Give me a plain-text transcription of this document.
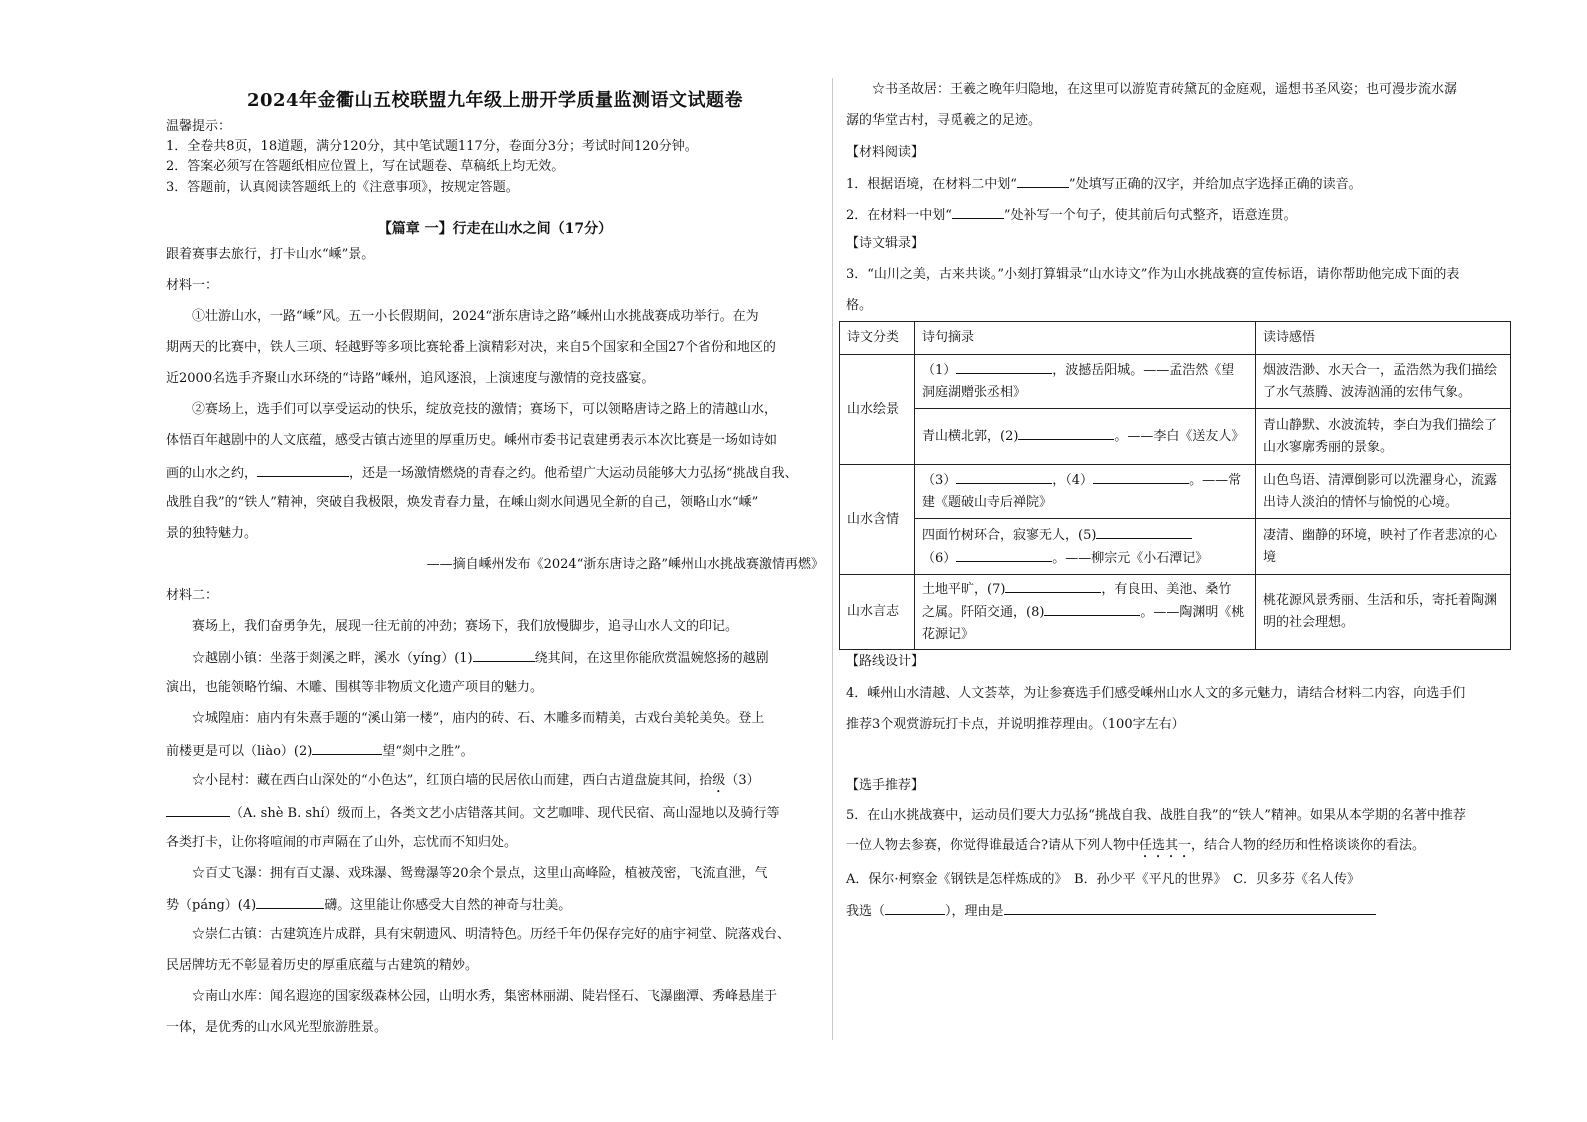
2024年金衢山五校联盟九年级上册开学质量监测语文试题卷
温馨提示：
1．全卷共8页，18道题，满分120分，其中笔试题117分，卷面分3分；考试时间120分钟。
2．答案必须写在答题纸相应位置上，写在试题卷、草稿纸上均无效。
3．答题前，认真阅读答题纸上的《注意事项》，按规定答题。
【篇章 一】行走在山水之间（17分）
跟着赛事去旅行，打卡山水“嵊”景。
材料一：
①壮游山水，一路“嵊”风。五一小长假期间，2024“浙东唐诗之路”嵊州山水挑战赛成功举行。在为
期两天的比赛中，铁人三项、轻越野等多项比赛轮番上演精彩对决，来自5个国家和全国27个省份和地区的
近2000名选手齐聚山水环绕的“诗路”嵊州，追风逐浪，上演速度与激情的竞技盛宴。
②赛场上，选手们可以享受运动的快乐，绽放竞技的激情；赛场下，可以领略唐诗之路上的清越山水，
体悟百年越剧中的人文底蕴，感受古镇古迹里的厚重历史。嵊州市委书记袁建勇表示本次比赛是一场如诗如
画的山水之约，	，还是一场激情燃烧的青春之约。他希望广大运动员能够大力弘扬“挑战自我、
战胜自我”的“铁人”精神，突破自我极限，焕发青春力量，在嵊山剡水间遇见全新的自己，领略山水“嵊”
景的独特魅力。
——摘自嵊州发布《2024“浙东唐诗之路”嵊州山水挑战赛激情再燃》
材料二：
赛场上，我们奋勇争先，展现一往无前的冲劲；赛场下，我们放慢脚步，追寻山水人文的印记。
☆越剧小镇：坐落于剡溪之畔，溪水（yíng）(1)	绕其间，在这里你能欣赏温婉悠扬的越剧
演出，也能领略竹编、木雕、围棋等非物质文化遗产项目的魅力。
☆城隍庙：庙内有朱熹手题的“溪山第一楼”，庙内的砖、石、木雕多而精美，古戏台美轮美奂。登上
前楼更是可以（liào）(2)	望“剡中之胜”。
☆小昆村：藏在西白山深处的“小色达”，红顶白墙的民居依山而建，西白古道盘旋其间，拾级（3）
（A. shè B. shí）级而上，各类文艺小店错落其间。文艺咖啡、现代民宿、高山湿地以及骑行等
各类打卡，让你将喧闹的市声隔在了山外，忘忧而不知归处。
☆百丈飞瀑：拥有百丈瀑、戏珠瀑、鸳鸯瀑等20余个景点，这里山高峰险，植被茂密，飞流直泄，气
势（páng）(4)	礴。这里能让你感受大自然的神奇与壮美。
☆崇仁古镇：古建筑连片成群，具有宋朝遗风、明清特色。历经千年仍保存完好的庙宇祠堂、院落戏台、
民居牌坊无不彰显着历史的厚重底蕴与古建筑的精妙。
☆南山水库：闻名遐迩的国家级森林公园，山明水秀，集密林丽湖、陡岩怪石、飞瀑幽潭、秀峰悬崖于
一体，是优秀的山水风光型旅游胜景。
☆书圣故居：王羲之晚年归隐地，在这里可以游览青砖黛瓦的金庭观，遥想书圣风姿；也可漫步流水潺
潺的华堂古村，寻觅羲之的足迹。
【材料阅读】
1．根据语境，在材料二中划“	”处填写正确的汉字，并给加点字选择正确的读音。
2．在材料一中划“	”处补写一个句子，使其前后句式整齐，语意连贯。
【诗文辑录】
3．“山川之美，古来共谈。”小刻打算辑录“山水诗文”作为山水挑战赛的宣传标语，请你帮助他完成下面的表
格。
诗文分类	诗句摘录	读诗感悟
山水绘景	（1） ，波撼岳阳城。——孟浩然《望
洞庭湖赠张丞相》	烟波浩渺、水天合一，孟浩然为我们描绘了水气蒸腾、波涛汹涌的宏伟气象。
	青山横北郭，(2) 。——李白《送友人》	青山静默、水波流转，李白为我们描绘了山水寥廓秀丽的景象。
山水含情	（3） ，（4） 。——常
建《题破山寺后禅院》	山色鸟语、清潭倒影可以洗濯身心，流露出诗人淡泊的情怀与愉悦的心境。
	四面竹树环合，寂寥无人，(5)
（6） 。——柳宗元《小石潭记》	凄清、幽静的环境，映衬了作者悲凉的心境
山水言志	土地平旷，(7) ，有良田、美池、桑竹
之属。阡陌交通，(8) 。——陶渊明《桃
花源记》	桃花源风景秀丽、生活和乐，寄托着陶渊明的社会理想。
【路线设计】
4．嵊州山水清越、人文荟萃，为让参赛选手们感受嵊州山水人文的多元魅力，请结合材料二内容，向选手们
推荐3个观赏游玩打卡点，并说明推荐理由。（100字左右）
【选手推荐】
5．在山水挑战赛中，运动员们要大力弘扬“挑战自我、战胜自我”的“铁人”精神。如果从本学期的名著中推荐
一位人物去参赛，你觉得谁最适合?请从下列人物中任选其一，结合人物的经历和性格谈谈你的看法。
A．保尔·柯察金《钢铁是怎样炼成的》　B．孙少平《平凡的世界》　C．贝多芬《名人传》
我选（	），理由是
